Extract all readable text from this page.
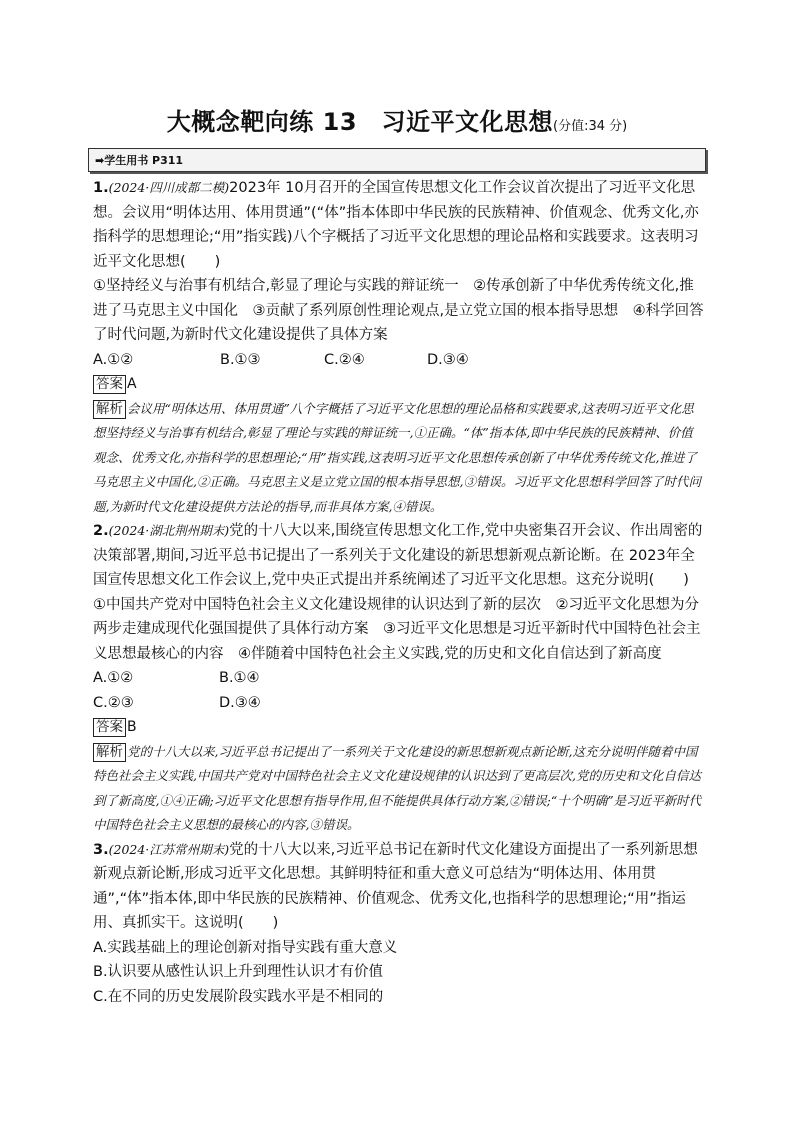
大概念靶向练 13　习近平文化思想(分值:34 分)
➡学生用书 P311

1.(2024·四川成都二模)2023年 10月召开的全国宣传思想文化工作会议首次提出了习近平文化思想。会议用“明体达用、体用贯通”(“体”指本体即中华民族的民族精神、价值观念、优秀文化,亦指科学的思想理论;“用”指实践)八个字概括了习近平文化思想的理论品格和实践要求。这表明习近平文化思想(　　)

①坚持经义与治事有机结合,彰显了理论与实践的辩证统一　②传承创新了中华优秀传统文化,推进了马克思主义中国化　③贡献了系列原创性理论观点,是立党立国的根本指导思想　④科学回答了时代问题,为新时代文化建设提供了具体方案

A.①②	B.①③	C.②④	D.③④

答案 A

解析 会议用“明体达用、体用贯通”八个字概括了习近平文化思想的理论品格和实践要求,这表明习近平文化思想坚持经义与治事有机结合,彰显了理论与实践的辩证统一,①正确。“体”指本体,即中华民族的民族精神、价值观念、优秀文化,亦指科学的思想理论;“用”指实践,这表明习近平文化思想传承创新了中华优秀传统文化,推进了马克思主义中国化,②正确。马克思主义是立党立国的根本指导思想,③错误。习近平文化思想科学回答了时代问题,为新时代文化建设提供方法论的指导,而非具体方案,④错误。

2.(2024·湖北荆州期末)党的十八大以来,围绕宣传思想文化工作,党中央密集召开会议、作出周密的决策部署,期间,习近平总书记提出了一系列关于文化建设的新思想新观点新论断。在 2023年全国宣传思想文化工作会议上,党中央正式提出并系统阐述了习近平文化思想。这充分说明(　　)

①中国共产党对中国特色社会主义文化建设规律的认识达到了新的层次　②习近平文化思想为分两步走建成现代化强国提供了具体行动方案　③习近平文化思想是习近平新时代中国特色社会主义思想最核心的内容　④伴随着中国特色社会主义实践,党的历史和文化自信达到了新高度

A.①②	B.①④

C.②③	D.③④

答案 B

解析 党的十八大以来,习近平总书记提出了一系列关于文化建设的新思想新观点新论断,这充分说明伴随着中国特色社会主义实践,中国共产党对中国特色社会主义文化建设规律的认识达到了更高层次,党的历史和文化自信达到了新高度,①④正确;习近平文化思想有指导作用,但不能提供具体行动方案,②错误;“十个明确”是习近平新时代中国特色社会主义思想的最核心的内容,③错误。

3.(2024·江苏常州期末)党的十八大以来,习近平总书记在新时代文化建设方面提出了一系列新思想新观点新论断,形成习近平文化思想。其鲜明特征和重大意义可总结为“明体达用、体用贯通”,“体”指本体,即中华民族的民族精神、价值观念、优秀文化,也指科学的思想理论;“用”指运用、真抓实干。这说明(　　)

A.实践基础上的理论创新对指导实践有重大意义

B.认识要从感性认识上升到理性认识才有价值

C.在不同的历史发展阶段实践水平是不相同的
